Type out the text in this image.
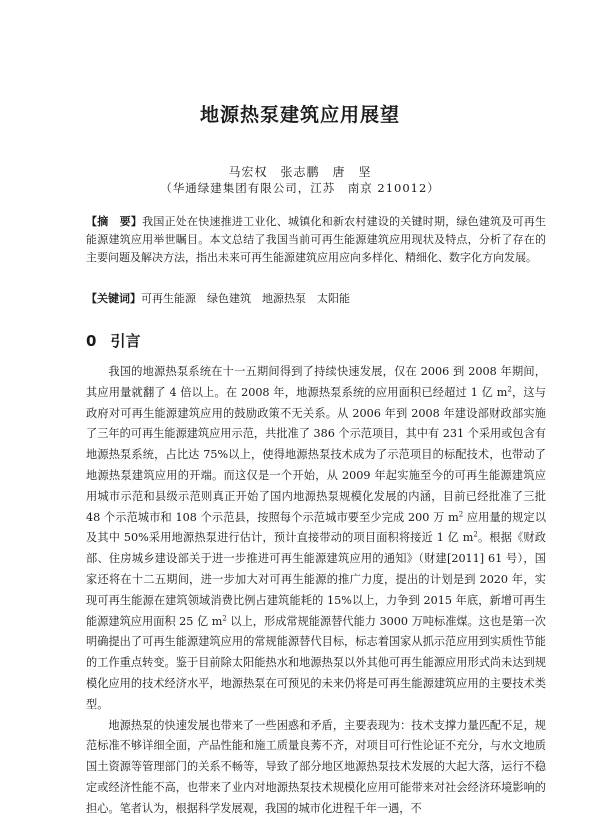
地源热泵建筑应用展望
马宏权　张志鹏　唐　坚
（华通绿建集团有限公司，江苏　南京 210012）
【摘　要】我国正处在快速推进工业化、城镇化和新农村建设的关键时期，绿色建筑及可再生能源建筑应用举世瞩目。本文总结了我国当前可再生能源建筑应用现状及特点，分析了存在的主要问题及解决方法，指出未来可再生能源建筑应用应向多样化、精细化、数字化方向发展。
【关键词】可再生能源　绿色建筑　地源热泵　太阳能
0 引言

我国的地源热泵系统在十一五期间得到了持续快速发展，仅在 2006 到 2008 年期间，其应用量就翻了 4 倍以上。在 2008 年，地源热泵系统的应用面积已经超过 1 亿 $m^2$，这与政府对可再生能源建筑应用的鼓励政策不无关系。从 2006 年到 2008 年建设部财政部实施了三年的可再生能源建筑应用示范，共批准了 386 个示范项目，其中有 231 个采用或包含有地源热泵系统，占比达 75%以上，使得地源热泵技术成为了示范项目的标配技术，也带动了地源热泵建筑应用的开端。而这仅是一个开始，从 2009 年起实施至今的可再生能源建筑应用城市示范和县级示范则真正开始了国内地源热泵规模化发展的内涵，目前已经批准了三批 48 个示范城市和 108 个示范县，按照每个示范城市要至少完成 200 万 $m^2$ 应用量的规定以及其中 50%采用地源热泵进行估计，预计直接带动的项目面积将接近 1 亿 $m^2$。根据《财政部、住房城乡建设部关于进一步推进可再生能源建筑应用的通知》（财建[2011] 61 号），国家还将在十二五期间，进一步加大对可再生能源的推广力度，提出的计划是到 2020 年，实现可再生能源在建筑领域消费比例占建筑能耗的 15%以上，力争到 2015 年底，新增可再生能源建筑应用面积 25 亿 $m^2$ 以上，形成常规能源替代能力 3000 万吨标准煤。这也是第一次明确提出了可再生能源建筑应用的常规能源替代目标，标志着国家从抓示范应用到实质性节能的工作重点转变。鉴于目前除太阳能热水和地源热泵以外其他可再生能源应用形式尚未达到规模化应用的技术经济水平，地源热泵在可预见的未来仍将是可再生能源建筑应用的主要技术类型。

地源热泵的快速发展也带来了一些困惑和矛盾，主要表现为：技术支撑力量匹配不足，规范标准不够详细全面，产品性能和施工质量良莠不齐，对项目可行性论证不充分，与水文地质国土资源等管理部门的关系不畅等，导致了部分地区地源热泵技术发展的大起大落，运行不稳定或经济性能不高，也带来了业内对地源热泵技术规模化应用可能带来对社会经济环境影响的担心。笔者认为，根据科学发展观，我国的城市化进程千年一遇，不
